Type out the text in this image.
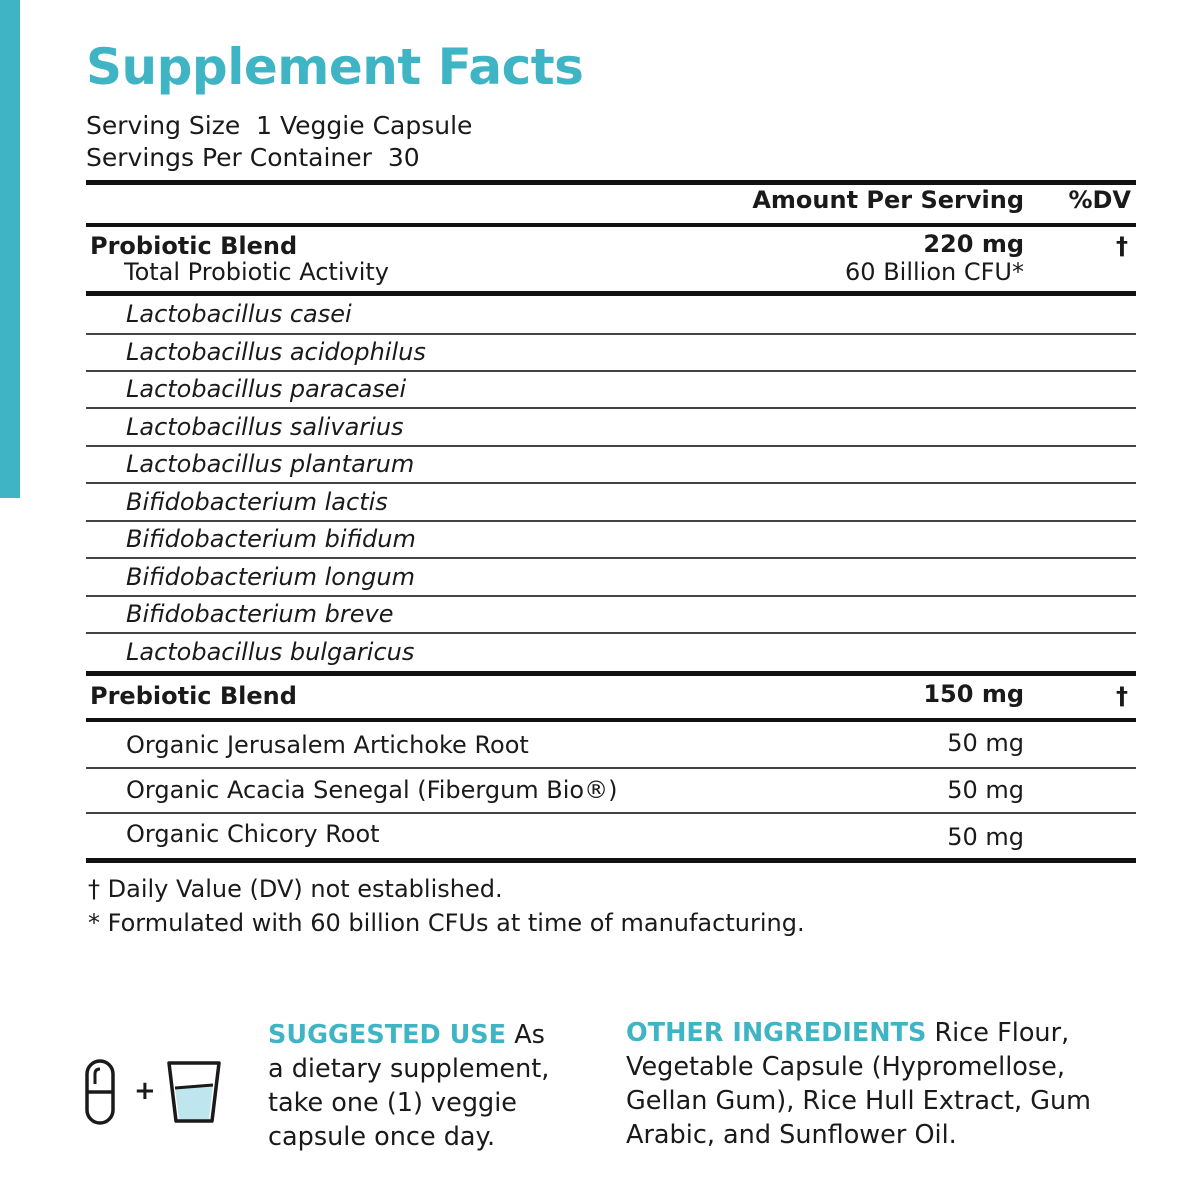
Supplement Facts
Serving Size 1 Veggie Capsule
Servings Per Container 30
Amount Per Serving %DV
Probiotic Blend	220 mg	†
Total Probiotic Activity	60 Billion CFU*
Lactobacillus casei
Lactobacillus acidophilus
Lactobacillus paracasei
Lactobacillus salivarius
Lactobacillus plantarum
Bifidobacterium lactis
Bifidobacterium bifidum
Bifidobacterium longum
Bifidobacterium breve
Lactobacillus bulgaricus
Prebiotic Blend	150 mg	†
Organic Jerusalem Artichoke Root	50 mg
Organic Acacia Senegal (Fibergum Bio®)	50 mg
Organic Chicory Root	50 mg
† Daily Value (DV) not established.
* Formulated with 60 billion CFUs at time of manufacturing.
+
SUGGESTED USE As
a dietary supplement,
take one (1) veggie
capsule once day.
OTHER INGREDIENTS Rice Flour,
Vegetable Capsule (Hypromellose,
Gellan Gum), Rice Hull Extract, Gum
Arabic, and Sunflower Oil.
